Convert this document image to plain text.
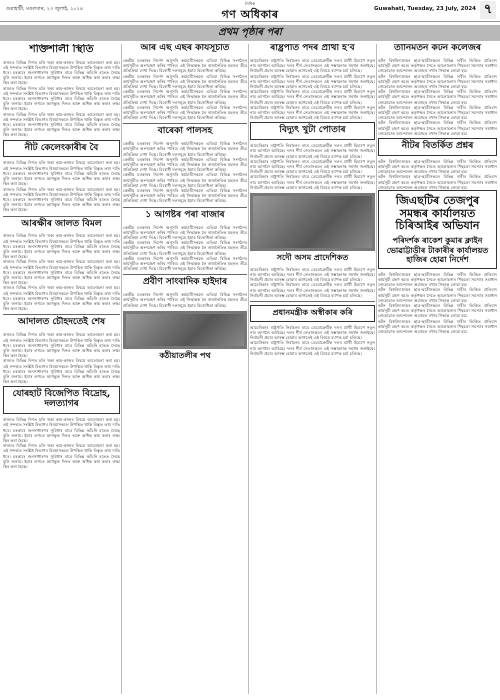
গুৱাহাটী, মঙলবাৰ, ২৩ জুলাই, ২০২৪
দৈনিক
গণ অধিকাৰ	Guwahati, Tuesday, 23 July, 2024 ৭
প্ৰথম পৃষ্ঠাৰ পৰা
শক্তিশালী স্থিতি
ৰাজ্যত বিভিন্ন দিশত চলি থকা কাম-কাজৰ বিষয়ে আলোচনা কৰা হয়। এই সন্দৰ্ভত সংশ্লিষ্ট বিভাগৰ বিষয়াসকলে উপস্থিত থাকি বিস্তৃত তথ্য দাঙি ধৰে। চৰকাৰে জনসাধাৰণৰ সুবিধাৰ বাবে বিভিন্ন আঁচনি হাতত লৈছে বুলি জনায়। ইয়াৰ লগতে আগন্তুক দিনত আৰু অধিক কাম কৰাৰ লক্ষ্য স্থিৰ কৰা হৈছে।
ৰাজ্যত বিভিন্ন দিশত চলি থকা কাম-কাজৰ বিষয়ে আলোচনা কৰা হয়। এই সন্দৰ্ভত সংশ্লিষ্ট বিভাগৰ বিষয়াসকলে উপস্থিত থাকি বিস্তৃত তথ্য দাঙি ধৰে। চৰকাৰে জনসাধাৰণৰ সুবিধাৰ বাবে বিভিন্ন আঁচনি হাতত লৈছে বুলি জনায়। ইয়াৰ লগতে আগন্তুক দিনত আৰু অধিক কাম কৰাৰ লক্ষ্য স্থিৰ কৰা হৈছে।
ৰাজ্যত বিভিন্ন দিশত চলি থকা কাম-কাজৰ বিষয়ে আলোচনা কৰা হয়। এই সন্দৰ্ভত সংশ্লিষ্ট বিভাগৰ বিষয়াসকলে উপস্থিত থাকি বিস্তৃত তথ্য দাঙি ধৰে। চৰকাৰে জনসাধাৰণৰ সুবিধাৰ বাবে বিভিন্ন আঁচনি হাতত লৈছে বুলি জনায়। ইয়াৰ লগতে আগন্তুক দিনত আৰু অধিক কাম কৰাৰ লক্ষ্য স্থিৰ কৰা হৈছে।
নীট কেলেংকাৰীৰ বৈ
ৰাজ্যত বিভিন্ন দিশত চলি থকা কাম-কাজৰ বিষয়ে আলোচনা কৰা হয়। এই সন্দৰ্ভত সংশ্লিষ্ট বিভাগৰ বিষয়াসকলে উপস্থিত থাকি বিস্তৃত তথ্য দাঙি ধৰে। চৰকাৰে জনসাধাৰণৰ সুবিধাৰ বাবে বিভিন্ন আঁচনি হাতত লৈছে বুলি জনায়। ইয়াৰ লগতে আগন্তুক দিনত আৰু অধিক কাম কৰাৰ লক্ষ্য স্থিৰ কৰা হৈছে।
ৰাজ্যত বিভিন্ন দিশত চলি থকা কাম-কাজৰ বিষয়ে আলোচনা কৰা হয়। এই সন্দৰ্ভত সংশ্লিষ্ট বিভাগৰ বিষয়াসকলে উপস্থিত থাকি বিস্তৃত তথ্য দাঙি ধৰে। চৰকাৰে জনসাধাৰণৰ সুবিধাৰ বাবে বিভিন্ন আঁচনি হাতত লৈছে বুলি জনায়। ইয়াৰ লগতে আগন্তুক দিনত আৰু অধিক কাম কৰাৰ লক্ষ্য স্থিৰ কৰা হৈছে।
আৰক্ষীৰ জালত বিমল
ৰাজ্যত বিভিন্ন দিশত চলি থকা কাম-কাজৰ বিষয়ে আলোচনা কৰা হয়। এই সন্দৰ্ভত সংশ্লিষ্ট বিভাগৰ বিষয়াসকলে উপস্থিত থাকি বিস্তৃত তথ্য দাঙি ধৰে। চৰকাৰে জনসাধাৰণৰ সুবিধাৰ বাবে বিভিন্ন আঁচনি হাতত লৈছে বুলি জনায়। ইয়াৰ লগতে আগন্তুক দিনত আৰু অধিক কাম কৰাৰ লক্ষ্য স্থিৰ কৰা হৈছে।
ৰাজ্যত বিভিন্ন দিশত চলি থকা কাম-কাজৰ বিষয়ে আলোচনা কৰা হয়। এই সন্দৰ্ভত সংশ্লিষ্ট বিভাগৰ বিষয়াসকলে উপস্থিত থাকি বিস্তৃত তথ্য দাঙি ধৰে। চৰকাৰে জনসাধাৰণৰ সুবিধাৰ বাবে বিভিন্ন আঁচনি হাতত লৈছে বুলি জনায়। ইয়াৰ লগতে আগন্তুক দিনত আৰু অধিক কাম কৰাৰ লক্ষ্য স্থিৰ কৰা হৈছে।
ৰাজ্যত বিভিন্ন দিশত চলি থকা কাম-কাজৰ বিষয়ে আলোচনা কৰা হয়। এই সন্দৰ্ভত সংশ্লিষ্ট বিভাগৰ বিষয়াসকলে উপস্থিত থাকি বিস্তৃত তথ্য দাঙি ধৰে। চৰকাৰে জনসাধাৰণৰ সুবিধাৰ বাবে বিভিন্ন আঁচনি হাতত লৈছে বুলি জনায়। ইয়াৰ লগতে আগন্তুক দিনত আৰু অধিক কাম কৰাৰ লক্ষ্য স্থিৰ কৰা হৈছে।
আদালত চৌহদতেই শেষ
ৰাজ্যত বিভিন্ন দিশত চলি থকা কাম-কাজৰ বিষয়ে আলোচনা কৰা হয়। এই সন্দৰ্ভত সংশ্লিষ্ট বিভাগৰ বিষয়াসকলে উপস্থিত থাকি বিস্তৃত তথ্য দাঙি ধৰে। চৰকাৰে জনসাধাৰণৰ সুবিধাৰ বাবে বিভিন্ন আঁচনি হাতত লৈছে বুলি জনায়। ইয়াৰ লগতে আগন্তুক দিনত আৰু অধিক কাম কৰাৰ লক্ষ্য স্থিৰ কৰা হৈছে।
ৰাজ্যত বিভিন্ন দিশত চলি থকা কাম-কাজৰ বিষয়ে আলোচনা কৰা হয়। এই সন্দৰ্ভত সংশ্লিষ্ট বিভাগৰ বিষয়াসকলে উপস্থিত থাকি বিস্তৃত তথ্য দাঙি ধৰে। চৰকাৰে জনসাধাৰণৰ সুবিধাৰ বাবে বিভিন্ন আঁচনি হাতত লৈছে বুলি জনায়। ইয়াৰ লগতে আগন্তুক দিনত আৰু অধিক কাম কৰাৰ লক্ষ্য স্থিৰ কৰা হৈছে।
যোৰহাট বিজেপিত বিদ্ৰোহ, দলত্যাগৰ
ৰাজ্যত বিভিন্ন দিশত চলি থকা কাম-কাজৰ বিষয়ে আলোচনা কৰা হয়। এই সন্দৰ্ভত সংশ্লিষ্ট বিভাগৰ বিষয়াসকলে উপস্থিত থাকি বিস্তৃত তথ্য দাঙি ধৰে। চৰকাৰে জনসাধাৰণৰ সুবিধাৰ বাবে বিভিন্ন আঁচনি হাতত লৈছে বুলি জনায়। ইয়াৰ লগতে আগন্তুক দিনত আৰু অধিক কাম কৰাৰ লক্ষ্য স্থিৰ কৰা হৈছে।
ৰাজ্যত বিভিন্ন দিশত চলি থকা কাম-কাজৰ বিষয়ে আলোচনা কৰা হয়। এই সন্দৰ্ভত সংশ্লিষ্ট বিভাগৰ বিষয়াসকলে উপস্থিত থাকি বিস্তৃত তথ্য দাঙি ধৰে। চৰকাৰে জনসাধাৰণৰ সুবিধাৰ বাবে বিভিন্ন আঁচনি হাতত লৈছে বুলি জনায়। ইয়াৰ লগতে আগন্তুক দিনত আৰু অধিক কাম কৰাৰ লক্ষ্য স্থিৰ কৰা হৈছে।
আৰ এছ এছৰ কাৰ্যসূচীত
কেন্দ্ৰীয় চৰকাৰৰ নিৰ্দেশ অনুসৰি কৰ্মচাৰীসকলে এতিয়া বিভিন্ন সংগঠনৰ কাৰ্যসূচীত অংশগ্ৰহণ কৰিব পাৰিব। এই সিদ্ধান্তক লৈ ৰাজনৈতিক মহলত তীব্ৰ প্ৰতিক্ৰিয়া দেখা দিছে। বিৰোধী দলসমূহে ইয়াৰ বিৰোধিতা কৰিছে।
কেন্দ্ৰীয় চৰকাৰৰ নিৰ্দেশ অনুসৰি কৰ্মচাৰীসকলে এতিয়া বিভিন্ন সংগঠনৰ কাৰ্যসূচীত অংশগ্ৰহণ কৰিব পাৰিব। এই সিদ্ধান্তক লৈ ৰাজনৈতিক মহলত তীব্ৰ প্ৰতিক্ৰিয়া দেখা দিছে। বিৰোধী দলসমূহে ইয়াৰ বিৰোধিতা কৰিছে।
কেন্দ্ৰীয় চৰকাৰৰ নিৰ্দেশ অনুসৰি কৰ্মচাৰীসকলে এতিয়া বিভিন্ন সংগঠনৰ কাৰ্যসূচীত অংশগ্ৰহণ কৰিব পাৰিব। এই সিদ্ধান্তক লৈ ৰাজনৈতিক মহলত তীব্ৰ প্ৰতিক্ৰিয়া দেখা দিছে। বিৰোধী দলসমূহে ইয়াৰ বিৰোধিতা কৰিছে।
কেন্দ্ৰীয় চৰকাৰৰ নিৰ্দেশ অনুসৰি কৰ্মচাৰীসকলে এতিয়া বিভিন্ন সংগঠনৰ কাৰ্যসূচীত অংশগ্ৰহণ কৰিব পাৰিব। এই সিদ্ধান্তক লৈ ৰাজনৈতিক মহলত তীব্ৰ প্ৰতিক্ৰিয়া দেখা দিছে। বিৰোধী দলসমূহে ইয়াৰ বিৰোধিতা কৰিছে।
বাৰেকা পালসহ
কেন্দ্ৰীয় চৰকাৰৰ নিৰ্দেশ অনুসৰি কৰ্মচাৰীসকলে এতিয়া বিভিন্ন সংগঠনৰ কাৰ্যসূচীত অংশগ্ৰহণ কৰিব পাৰিব। এই সিদ্ধান্তক লৈ ৰাজনৈতিক মহলত তীব্ৰ প্ৰতিক্ৰিয়া দেখা দিছে। বিৰোধী দলসমূহে ইয়াৰ বিৰোধিতা কৰিছে।
কেন্দ্ৰীয় চৰকাৰৰ নিৰ্দেশ অনুসৰি কৰ্মচাৰীসকলে এতিয়া বিভিন্ন সংগঠনৰ কাৰ্যসূচীত অংশগ্ৰহণ কৰিব পাৰিব। এই সিদ্ধান্তক লৈ ৰাজনৈতিক মহলত তীব্ৰ প্ৰতিক্ৰিয়া দেখা দিছে। বিৰোধী দলসমূহে ইয়াৰ বিৰোধিতা কৰিছে।
কেন্দ্ৰীয় চৰকাৰৰ নিৰ্দেশ অনুসৰি কৰ্মচাৰীসকলে এতিয়া বিভিন্ন সংগঠনৰ কাৰ্যসূচীত অংশগ্ৰহণ কৰিব পাৰিব। এই সিদ্ধান্তক লৈ ৰাজনৈতিক মহলত তীব্ৰ প্ৰতিক্ৰিয়া দেখা দিছে। বিৰোধী দলসমূহে ইয়াৰ বিৰোধিতা কৰিছে।
কেন্দ্ৰীয় চৰকাৰৰ নিৰ্দেশ অনুসৰি কৰ্মচাৰীসকলে এতিয়া বিভিন্ন সংগঠনৰ কাৰ্যসূচীত অংশগ্ৰহণ কৰিব পাৰিব। এই সিদ্ধান্তক লৈ ৰাজনৈতিক মহলত তীব্ৰ প্ৰতিক্ৰিয়া দেখা দিছে। বিৰোধী দলসমূহে ইয়াৰ বিৰোধিতা কৰিছে।
১ আগষ্টৰ পৰা বাজাৰ
কেন্দ্ৰীয় চৰকাৰৰ নিৰ্দেশ অনুসৰি কৰ্মচাৰীসকলে এতিয়া বিভিন্ন সংগঠনৰ কাৰ্যসূচীত অংশগ্ৰহণ কৰিব পাৰিব। এই সিদ্ধান্তক লৈ ৰাজনৈতিক মহলত তীব্ৰ প্ৰতিক্ৰিয়া দেখা দিছে। বিৰোধী দলসমূহে ইয়াৰ বিৰোধিতা কৰিছে।
কেন্দ্ৰীয় চৰকাৰৰ নিৰ্দেশ অনুসৰি কৰ্মচাৰীসকলে এতিয়া বিভিন্ন সংগঠনৰ কাৰ্যসূচীত অংশগ্ৰহণ কৰিব পাৰিব। এই সিদ্ধান্তক লৈ ৰাজনৈতিক মহলত তীব্ৰ প্ৰতিক্ৰিয়া দেখা দিছে। বিৰোধী দলসমূহে ইয়াৰ বিৰোধিতা কৰিছে।
কেন্দ্ৰীয় চৰকাৰৰ নিৰ্দেশ অনুসৰি কৰ্মচাৰীসকলে এতিয়া বিভিন্ন সংগঠনৰ কাৰ্যসূচীত অংশগ্ৰহণ কৰিব পাৰিব। এই সিদ্ধান্তক লৈ ৰাজনৈতিক মহলত তীব্ৰ প্ৰতিক্ৰিয়া দেখা দিছে। বিৰোধী দলসমূহে ইয়াৰ বিৰোধিতা কৰিছে।
প্ৰবীণ সাংবাদিক হাইদাৰ
কেন্দ্ৰীয় চৰকাৰৰ নিৰ্দেশ অনুসৰি কৰ্মচাৰীসকলে এতিয়া বিভিন্ন সংগঠনৰ কাৰ্যসূচীত অংশগ্ৰহণ কৰিব পাৰিব। এই সিদ্ধান্তক লৈ ৰাজনৈতিক মহলত তীব্ৰ প্ৰতিক্ৰিয়া দেখা দিছে। বিৰোধী দলসমূহে ইয়াৰ বিৰোধিতা কৰিছে।
কঠীয়াতলীৰ পথ
ৰাষ্ট্ৰপতি পদৰ প্ৰাৰ্থী হ'ব
আমেৰিকাৰ ৰাষ্ট্ৰপতি নিৰ্বাচনৰ বাবে ডেমোক্ৰেটিক দলৰ প্ৰাৰ্থী হিচাপে নতুন নাম আগলৈ আহিছে। দলৰ শীৰ্ষ নেতাসকলে এই সম্ভাৱনাক সমৰ্থন জনাইছে। নিৰ্বাচনী প্ৰচাৰ আৰম্ভ হোৱাৰ আগতেই এই বিষয়ে ব্যাপক চৰ্চা চলিছে।
আমেৰিকাৰ ৰাষ্ট্ৰপতি নিৰ্বাচনৰ বাবে ডেমোক্ৰেটিক দলৰ প্ৰাৰ্থী হিচাপে নতুন নাম আগলৈ আহিছে। দলৰ শীৰ্ষ নেতাসকলে এই সম্ভাৱনাক সমৰ্থন জনাইছে। নিৰ্বাচনী প্ৰচাৰ আৰম্ভ হোৱাৰ আগতেই এই বিষয়ে ব্যাপক চৰ্চা চলিছে।
আমেৰিকাৰ ৰাষ্ট্ৰপতি নিৰ্বাচনৰ বাবে ডেমোক্ৰেটিক দলৰ প্ৰাৰ্থী হিচাপে নতুন নাম আগলৈ আহিছে। দলৰ শীৰ্ষ নেতাসকলে এই সম্ভাৱনাক সমৰ্থন জনাইছে। নিৰ্বাচনী প্ৰচাৰ আৰম্ভ হোৱাৰ আগতেই এই বিষয়ে ব্যাপক চৰ্চা চলিছে।
আমেৰিকাৰ ৰাষ্ট্ৰপতি নিৰ্বাচনৰ বাবে ডেমোক্ৰেটিক দলৰ প্ৰাৰ্থী হিচাপে নতুন নাম আগলৈ আহিছে। দলৰ শীৰ্ষ নেতাসকলে এই সম্ভাৱনাক সমৰ্থন জনাইছে। নিৰ্বাচনী প্ৰচাৰ আৰম্ভ হোৱাৰ আগতেই এই বিষয়ে ব্যাপক চৰ্চা চলিছে।
বিদ্যুৎ খুটা পোতাৰ
আমেৰিকাৰ ৰাষ্ট্ৰপতি নিৰ্বাচনৰ বাবে ডেমোক্ৰেটিক দলৰ প্ৰাৰ্থী হিচাপে নতুন নাম আগলৈ আহিছে। দলৰ শীৰ্ষ নেতাসকলে এই সম্ভাৱনাক সমৰ্থন জনাইছে। নিৰ্বাচনী প্ৰচাৰ আৰম্ভ হোৱাৰ আগতেই এই বিষয়ে ব্যাপক চৰ্চা চলিছে।
আমেৰিকাৰ ৰাষ্ট্ৰপতি নিৰ্বাচনৰ বাবে ডেমোক্ৰেটিক দলৰ প্ৰাৰ্থী হিচাপে নতুন নাম আগলৈ আহিছে। দলৰ শীৰ্ষ নেতাসকলে এই সম্ভাৱনাক সমৰ্থন জনাইছে। নিৰ্বাচনী প্ৰচাৰ আৰম্ভ হোৱাৰ আগতেই এই বিষয়ে ব্যাপক চৰ্চা চলিছে।
আমেৰিকাৰ ৰাষ্ট্ৰপতি নিৰ্বাচনৰ বাবে ডেমোক্ৰেটিক দলৰ প্ৰাৰ্থী হিচাপে নতুন নাম আগলৈ আহিছে। দলৰ শীৰ্ষ নেতাসকলে এই সম্ভাৱনাক সমৰ্থন জনাইছে। নিৰ্বাচনী প্ৰচাৰ আৰম্ভ হোৱাৰ আগতেই এই বিষয়ে ব্যাপক চৰ্চা চলিছে।
সদৌ অসম প্ৰাদেশিকত
আমেৰিকাৰ ৰাষ্ট্ৰপতি নিৰ্বাচনৰ বাবে ডেমোক্ৰেটিক দলৰ প্ৰাৰ্থী হিচাপে নতুন নাম আগলৈ আহিছে। দলৰ শীৰ্ষ নেতাসকলে এই সম্ভাৱনাক সমৰ্থন জনাইছে। নিৰ্বাচনী প্ৰচাৰ আৰম্ভ হোৱাৰ আগতেই এই বিষয়ে ব্যাপক চৰ্চা চলিছে।
আমেৰিকাৰ ৰাষ্ট্ৰপতি নিৰ্বাচনৰ বাবে ডেমোক্ৰেটিক দলৰ প্ৰাৰ্থী হিচাপে নতুন নাম আগলৈ আহিছে। দলৰ শীৰ্ষ নেতাসকলে এই সম্ভাৱনাক সমৰ্থন জনাইছে। নিৰ্বাচনী প্ৰচাৰ আৰম্ভ হোৱাৰ আগতেই এই বিষয়ে ব্যাপক চৰ্চা চলিছে।
প্ৰধানমন্ত্ৰীক অস্বীকাৰ কৰি
আমেৰিকাৰ ৰাষ্ট্ৰপতি নিৰ্বাচনৰ বাবে ডেমোক্ৰেটিক দলৰ প্ৰাৰ্থী হিচাপে নতুন নাম আগলৈ আহিছে। দলৰ শীৰ্ষ নেতাসকলে এই সম্ভাৱনাক সমৰ্থন জনাইছে। নিৰ্বাচনী প্ৰচাৰ আৰম্ভ হোৱাৰ আগতেই এই বিষয়ে ব্যাপক চৰ্চা চলিছে।
আমেৰিকাৰ ৰাষ্ট্ৰপতি নিৰ্বাচনৰ বাবে ডেমোক্ৰেটিক দলৰ প্ৰাৰ্থী হিচাপে নতুন নাম আগলৈ আহিছে। দলৰ শীৰ্ষ নেতাসকলে এই সম্ভাৱনাক সমৰ্থন জনাইছে। নিৰ্বাচনী প্ৰচাৰ আৰম্ভ হোৱাৰ আগতেই এই বিষয়ে ব্যাপক চৰ্চা চলিছে।
তানিমতন কটন কলেজৰ
কটন বিশ্ববিদ্যালয়ৰ ছাত্ৰ-ছাত্ৰীসকলে বিভিন্ন দাবীৰ ভিত্তিত প্ৰতিবাদ কাৰ্যসূচী গ্ৰহণ কৰে। কৰ্তৃপক্ষৰ সৈতে আলোচনাৰ পিছতো সমস্যাৰ সমাধান নোহোৱাত আন্দোলন অব্যাহত ৰখাৰ সিদ্ধান্ত লোৱা হয়।
কটন বিশ্ববিদ্যালয়ৰ ছাত্ৰ-ছাত্ৰীসকলে বিভিন্ন দাবীৰ ভিত্তিত প্ৰতিবাদ কাৰ্যসূচী গ্ৰহণ কৰে। কৰ্তৃপক্ষৰ সৈতে আলোচনাৰ পিছতো সমস্যাৰ সমাধান নোহোৱাত আন্দোলন অব্যাহত ৰখাৰ সিদ্ধান্ত লোৱা হয়।
কটন বিশ্ববিদ্যালয়ৰ ছাত্ৰ-ছাত্ৰীসকলে বিভিন্ন দাবীৰ ভিত্তিত প্ৰতিবাদ কাৰ্যসূচী গ্ৰহণ কৰে। কৰ্তৃপক্ষৰ সৈতে আলোচনাৰ পিছতো সমস্যাৰ সমাধান নোহোৱাত আন্দোলন অব্যাহত ৰখাৰ সিদ্ধান্ত লোৱা হয়।
কটন বিশ্ববিদ্যালয়ৰ ছাত্ৰ-ছাত্ৰীসকলে বিভিন্ন দাবীৰ ভিত্তিত প্ৰতিবাদ কাৰ্যসূচী গ্ৰহণ কৰে। কৰ্তৃপক্ষৰ সৈতে আলোচনাৰ পিছতো সমস্যাৰ সমাধান নোহোৱাত আন্দোলন অব্যাহত ৰখাৰ সিদ্ধান্ত লোৱা হয়।
কটন বিশ্ববিদ্যালয়ৰ ছাত্ৰ-ছাত্ৰীসকলে বিভিন্ন দাবীৰ ভিত্তিত প্ৰতিবাদ কাৰ্যসূচী গ্ৰহণ কৰে। কৰ্তৃপক্ষৰ সৈতে আলোচনাৰ পিছতো সমস্যাৰ সমাধান নোহোৱাত আন্দোলন অব্যাহত ৰখাৰ সিদ্ধান্ত লোৱা হয়।
নীটৰ বিতৰ্কিত প্ৰশ্নৰ
কটন বিশ্ববিদ্যালয়ৰ ছাত্ৰ-ছাত্ৰীসকলে বিভিন্ন দাবীৰ ভিত্তিত প্ৰতিবাদ কাৰ্যসূচী গ্ৰহণ কৰে। কৰ্তৃপক্ষৰ সৈতে আলোচনাৰ পিছতো সমস্যাৰ সমাধান নোহোৱাত আন্দোলন অব্যাহত ৰখাৰ সিদ্ধান্ত লোৱা হয়।
কটন বিশ্ববিদ্যালয়ৰ ছাত্ৰ-ছাত্ৰীসকলে বিভিন্ন দাবীৰ ভিত্তিত প্ৰতিবাদ কাৰ্যসূচী গ্ৰহণ কৰে। কৰ্তৃপক্ষৰ সৈতে আলোচনাৰ পিছতো সমস্যাৰ সমাধান নোহোৱাত আন্দোলন অব্যাহত ৰখাৰ সিদ্ধান্ত লোৱা হয়।
জিএছটিৰ তেজপুৰ সমন্ধৰ কাৰ্যালয়ত চিৰিআইৰ অভিযান
পৰিদৰ্শক ৰাকেশ কুমাৰ ক্লাইন ভোৱাট্টাডীৰ টাকাৰীৰ কাৰ্যালয়ত হাজিৰ হোৱা নিৰ্দেশ
কটন বিশ্ববিদ্যালয়ৰ ছাত্ৰ-ছাত্ৰীসকলে বিভিন্ন দাবীৰ ভিত্তিত প্ৰতিবাদ কাৰ্যসূচী গ্ৰহণ কৰে। কৰ্তৃপক্ষৰ সৈতে আলোচনাৰ পিছতো সমস্যাৰ সমাধান নোহোৱাত আন্দোলন অব্যাহত ৰখাৰ সিদ্ধান্ত লোৱা হয়।
কটন বিশ্ববিদ্যালয়ৰ ছাত্ৰ-ছাত্ৰীসকলে বিভিন্ন দাবীৰ ভিত্তিত প্ৰতিবাদ কাৰ্যসূচী গ্ৰহণ কৰে। কৰ্তৃপক্ষৰ সৈতে আলোচনাৰ পিছতো সমস্যাৰ সমাধান নোহোৱাত আন্দোলন অব্যাহত ৰখাৰ সিদ্ধান্ত লোৱা হয়।
কটন বিশ্ববিদ্যালয়ৰ ছাত্ৰ-ছাত্ৰীসকলে বিভিন্ন দাবীৰ ভিত্তিত প্ৰতিবাদ কাৰ্যসূচী গ্ৰহণ কৰে। কৰ্তৃপক্ষৰ সৈতে আলোচনাৰ পিছতো সমস্যাৰ সমাধান নোহোৱাত আন্দোলন অব্যাহত ৰখাৰ সিদ্ধান্ত লোৱা হয়।
কটন বিশ্ববিদ্যালয়ৰ ছাত্ৰ-ছাত্ৰীসকলে বিভিন্ন দাবীৰ ভিত্তিত প্ৰতিবাদ কাৰ্যসূচী গ্ৰহণ কৰে। কৰ্তৃপক্ষৰ সৈতে আলোচনাৰ পিছতো সমস্যাৰ সমাধান নোহোৱাত আন্দোলন অব্যাহত ৰখাৰ সিদ্ধান্ত লোৱা হয়।
